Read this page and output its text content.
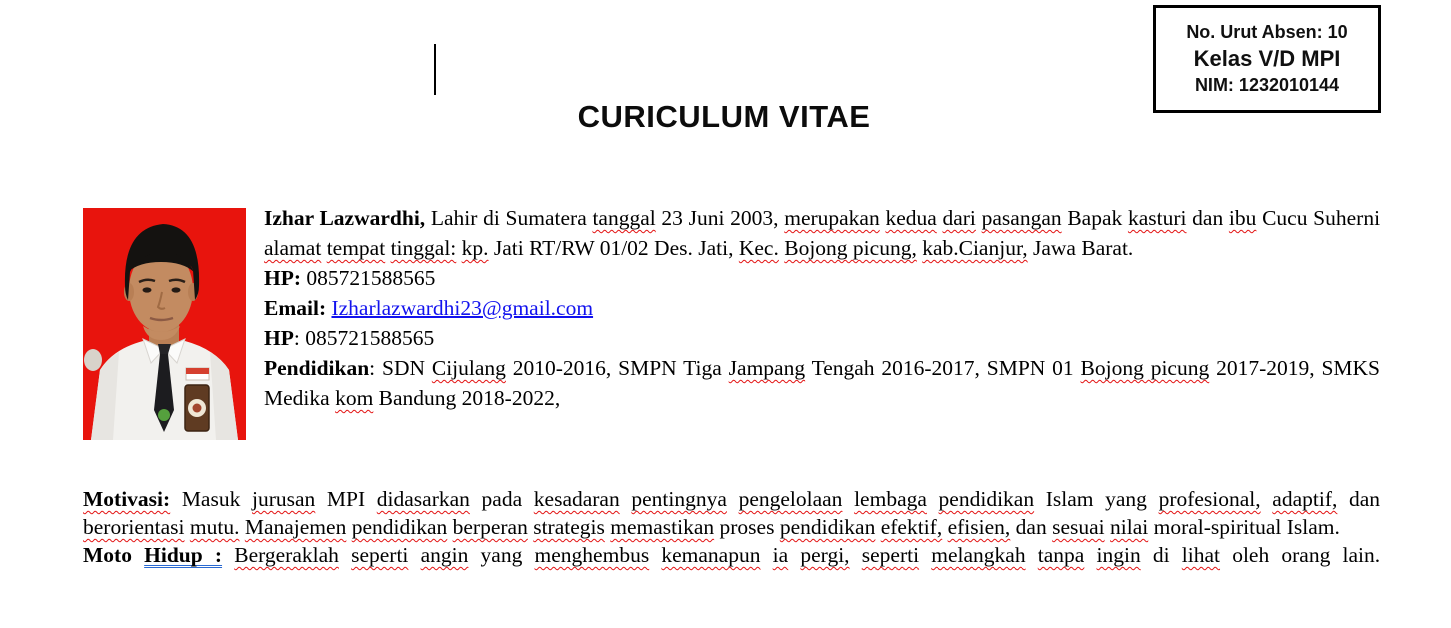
No. Urut Absen: 10
Kelas V/D MPI
NIM: 1232010144
CURICULUM VITAE

Izhar Lazwardhi, Lahir di Sumatera tanggal 23 Juni 2003, merupakan kedua dari pasangan Bapak kasturi dan ibu Cucu Suherni alamat tempat tinggal: kp. Jati RT/RW 01/02 Des. Jati, Kec. Bojong picung, kab.Cianjur, Jawa Barat.

HP: 085721588565

Email: Izharlazwardhi23@gmail.com

HP: 085721588565

Pendidikan: SDN Cijulang 2010-2016, SMPN Tiga Jampang Tengah 2016-2017, SMPN 01 Bojong picung 2017-2019, SMKS Medika kom Bandung 2018-2022,

Motivasi: Masuk jurusan MPI didasarkan pada kesadaran pentingnya pengelolaan lembaga pendidikan Islam yang profesional, adaptif, dan berorientasi mutu. Manajemen pendidikan berperan strategis memastikan proses pendidikan efektif, efisien, dan sesuai nilai moral-spiritual Islam.

Moto Hidup : Bergeraklah seperti angin yang menghembus kemanapun ia pergi, seperti melangkah tanpa ingin di lihat oleh orang lain.
